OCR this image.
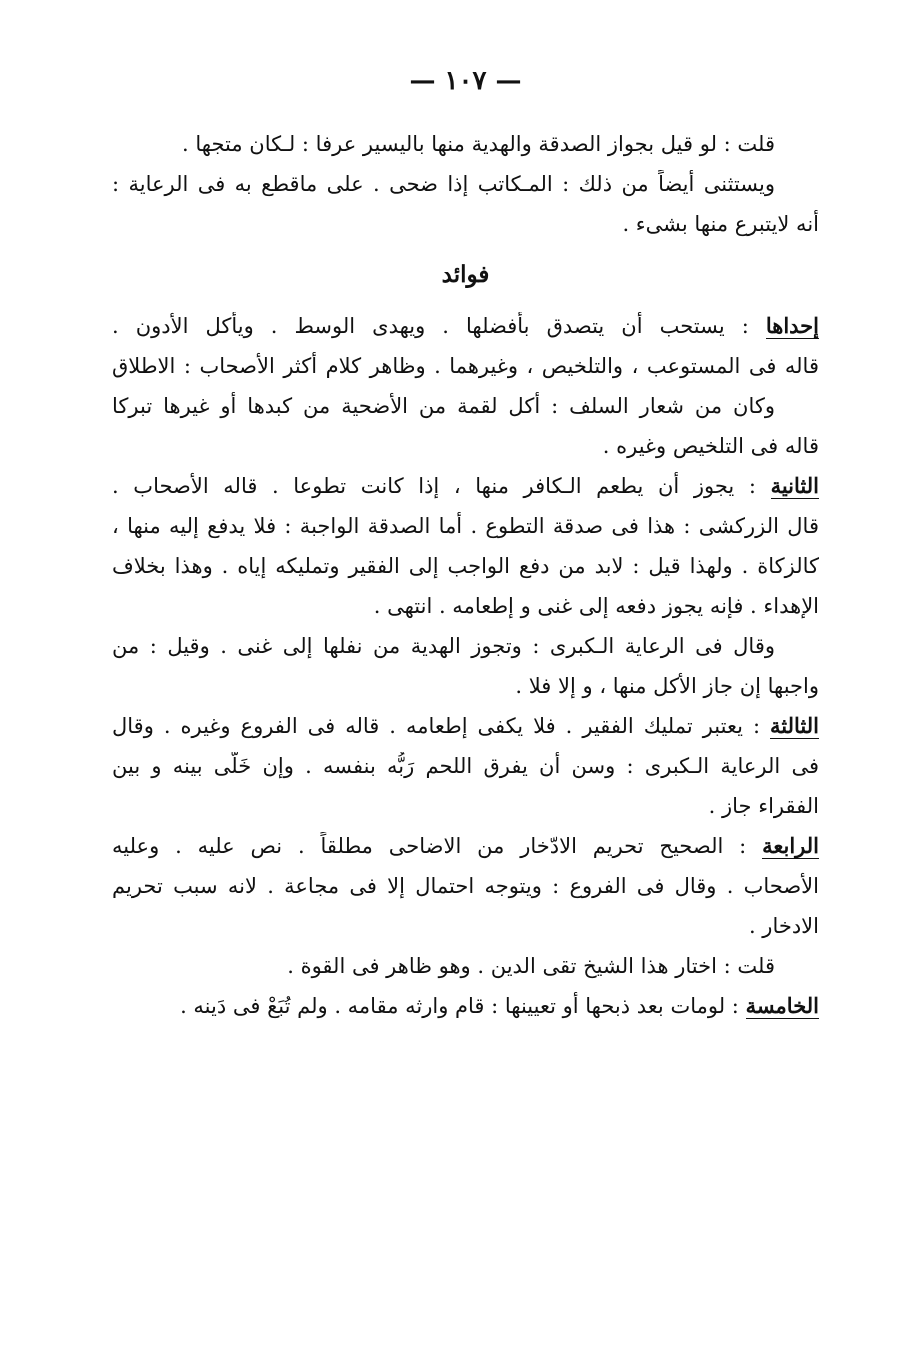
— ١٠٧ —

قلت : لو قيل بجواز الصدقة والهدية منها باليسير عرفا : لـكان متجها .

ويستثنى أيضاً من ذلك : المـكاتب إذا ضحى . على ماقطع به فى الرعاية :

أنه لايتبرع منها بشىء .

فوائد

إحداها : يستحب أن يتصدق بأفضلها . ويهدى الوسط . ويأكل الأدون .

قاله فى المستوعب ، والتلخيص ، وغيرهما . وظاهر كلام أكثر الأصحاب : الاطلاق

وكان من شعار السلف : أكل لقمة من الأضحية من كبدها أو غيرها تبركا

قاله فى التلخيص وغيره .

الثانية : يجوز أن يطعم الـكافر منها ، إذا كانت تطوعا . قاله الأصحاب .

قال الزركشى : هذا فى صدقة التطوع . أما الصدقة الواجبة : فلا يدفع إليه منها ،

كالزكاة . ولهذا قيل : لابد من دفع الواجب إلى الفقير وتمليكه إياه . وهذا بخلاف

الإهداء . فإنه يجوز دفعه إلى غنى و إطعامه . انتهى .

وقال فى الرعاية الـكبرى : وتجوز الهدية من نفلها إلى غنى . وقيل : من

واجبها إن جاز الأكل منها ، و إلا فلا .

الثالثة : يعتبر تمليك الفقير . فلا يكفى إطعامه . قاله فى الفروع وغيره . وقال

فى الرعاية الـكبرى : وسن أن يفرق اللحم رَبُّه بنفسه . وإن خَلَّى بينه و بين

الفقراء جاز .

الرابعة : الصحيح تحريم الادّخار من الاضاحى مطلقاً . نص عليه . وعليه

الأصحاب . وقال فى الفروع : ويتوجه احتمال إلا فى مجاعة . لانه سبب تحريم

الادخار .

قلت : اختار هذا الشيخ تقى الدين . وهو ظاهر فى القوة .

الخامسة : لومات بعد ذبحها أو تعيينها : قام وارثه مقامه . ولم تُبَعْ فى دَينه .
